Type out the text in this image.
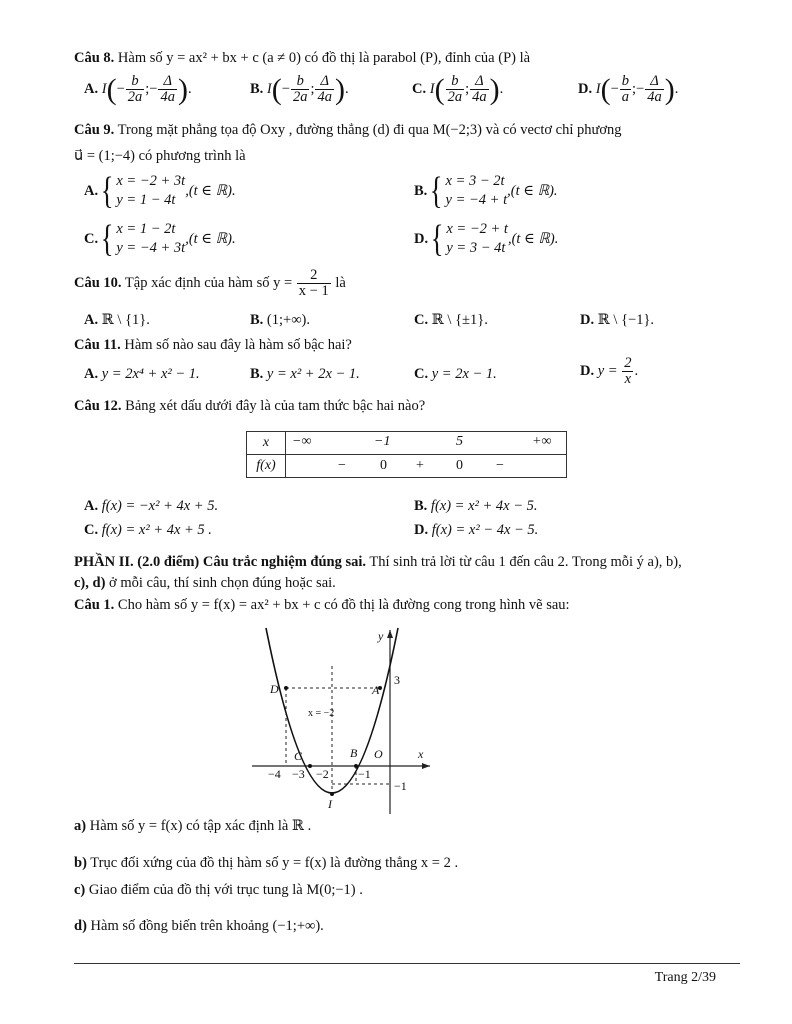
Câu 8. Hàm số y = ax² + bx + c (a ≠ 0) có đồ thị là parabol (P), đỉnh của (P) là
A. I ( − $\frac{b}{2a}$ ; − $\frac{\Delta}{4a}$ ) .	B. I ( − $\frac{b}{2a}$ ; $\frac{\Delta}{4a}$ ) .	C. I ( $\frac{b}{2a}$ ; $\frac{\Delta}{4a}$ ) .	D. I ( − $\frac{b}{a}$ ; − $\frac{\Delta}{4a}$ ) .
Câu 9. Trong mặt phẳng tọa độ Oxy , đường thẳng (d) đi qua M(−2;3) và có vectơ chỉ phương
u⃗ = (1;−4) có phương trình là
A. { x = −2 + 3t
y = 1 − 4t
,(t ∈ ℝ).	B. { x = 3 − 2t
y = −4 + t
,(t ∈ ℝ).
C. { x = 1 − 2t
y = −4 + 3t
,(t ∈ ℝ).	D. { x = −2 + t
y = 3 − 4t
,(t ∈ ℝ).
Câu 10. Tập xác định của hàm số $y = \frac{2}{x - 1}$ là
A. ℝ \ {1}.	B. (1;+∞).	C. ℝ \ {±1}.	D. ℝ \ {−1}.
Câu 11. Hàm số nào sau đây là hàm số bậc hai?
A. y = 2x⁴ + x² − 1.	B. y = x² + 2x − 1.	C. y = 2x − 1.	D. $y = \frac{2}{x}$ .
Câu 12. Bảng xét dấu dưới đây là của tam thức bậc hai nào?
x	−∞ −1 5 +∞

f(x)	− 0 + 0 −
A. f(x) = −x² + 4x + 5.	B. f(x) = x² + 4x − 5.
C. f(x) = x² + 4x + 5 .	D. f(x) = x² − 4x − 5.
PHẦN II. (2.0 điểm) Câu trắc nghiệm đúng sai. Thí sinh trả lời từ câu 1 đến câu 2. Trong mỗi ý a), b),
c), d) ở mỗi câu, thí sinh chọn đúng hoặc sai.
Câu 1. Cho hàm số y = f(x) = ax² + bx + c có đồ thị là đường cong trong hình vẽ sau:
y
x
O
A
B
C
D
I
3
x = −2
−4 −3 −2 −1
−1
a) Hàm số y = f(x) có tập xác định là ℝ .
b) Trục đối xứng của đồ thị hàm số y = f(x) là đường thẳng x = 2 .
c) Giao điểm của đồ thị với trục tung là M(0;−1) .
d) Hàm số đồng biến trên khoảng (−1;+∞).
Trang 2/39
